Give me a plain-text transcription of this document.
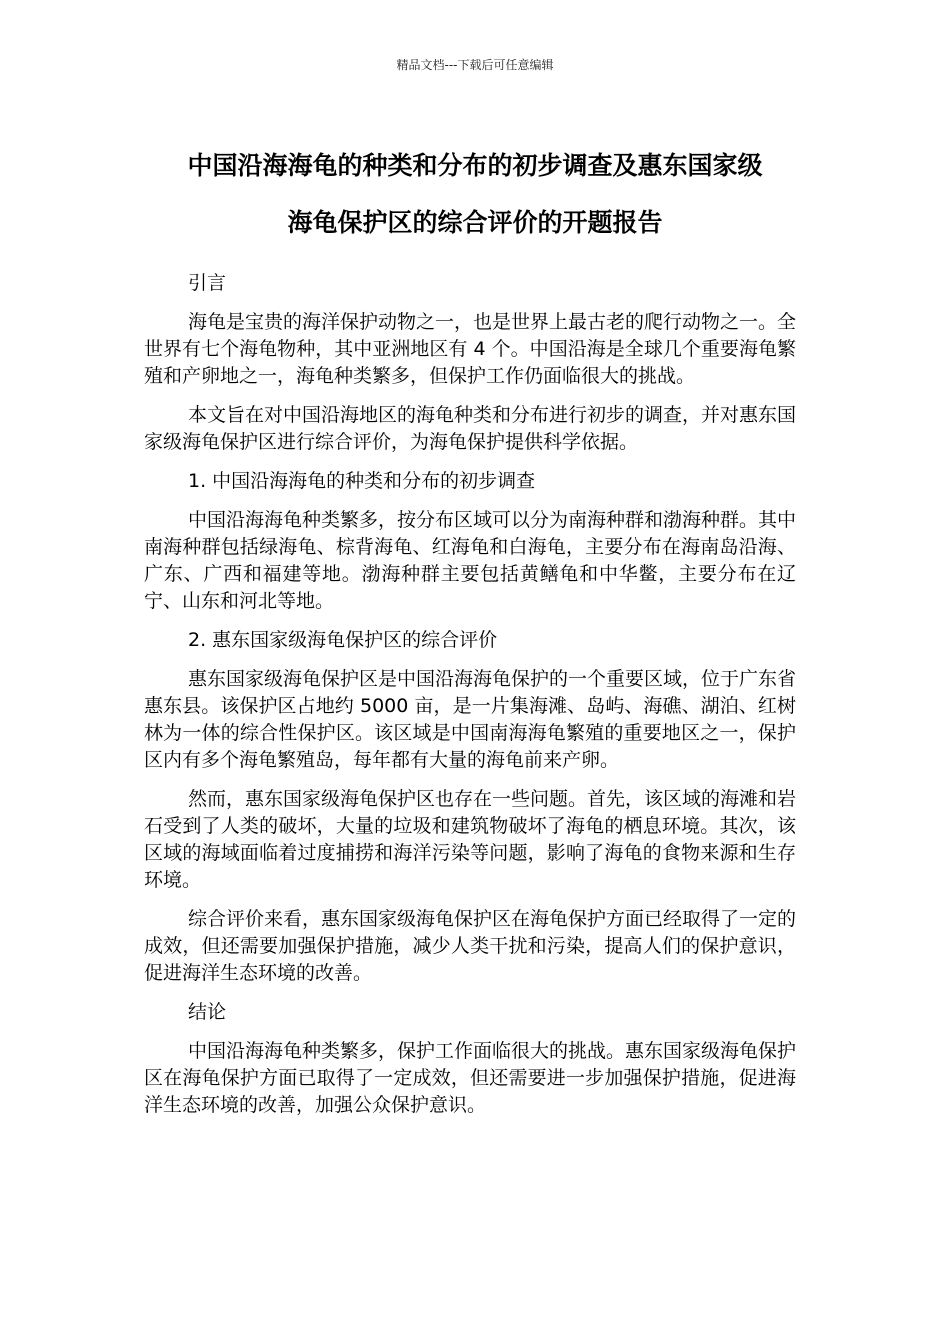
精品文档---下载后可任意编辑
中国沿海海龟的种类和分布的初步调查及惠东国家级
海龟保护区的综合评价的开题报告

引言

海龟是宝贵的海洋保护动物之一，也是世界上最古老的爬行动物之一。全世界有七个海龟物种，其中亚洲地区有 4 个。中国沿海是全球几个重要海龟繁殖和产卵地之一，海龟种类繁多，但保护工作仍面临很大的挑战。

本文旨在对中国沿海地区的海龟种类和分布进行初步的调查，并对惠东国家级海龟保护区进行综合评价，为海龟保护提供科学依据。

1. 中国沿海海龟的种类和分布的初步调查

中国沿海海龟种类繁多，按分布区域可以分为南海种群和渤海种群。其中南海种群包括绿海龟、棕背海龟、红海龟和白海龟，主要分布在海南岛沿海、广东、广西和福建等地。渤海种群主要包括黄鳝龟和中华鳖，主要分布在辽宁、山东和河北等地。

2. 惠东国家级海龟保护区的综合评价

惠东国家级海龟保护区是中国沿海海龟保护的一个重要区域，位于广东省惠东县。该保护区占地约 5000 亩，是一片集海滩、岛屿、海礁、湖泊、红树林为一体的综合性保护区。该区域是中国南海海龟繁殖的重要地区之一，保护区内有多个海龟繁殖岛，每年都有大量的海龟前来产卵。

然而，惠东国家级海龟保护区也存在一些问题。首先，该区域的海滩和岩石受到了人类的破坏，大量的垃圾和建筑物破坏了海龟的栖息环境。其次，该区域的海域面临着过度捕捞和海洋污染等问题，影响了海龟的食物来源和生存环境。

综合评价来看，惠东国家级海龟保护区在海龟保护方面已经取得了一定的成效，但还需要加强保护措施，减少人类干扰和污染，提高人们的保护意识，促进海洋生态环境的改善。

结论

中国沿海海龟种类繁多，保护工作面临很大的挑战。惠东国家级海龟保护区在海龟保护方面已取得了一定成效，但还需要进一步加强保护措施，促进海洋生态环境的改善，加强公众保护意识。
